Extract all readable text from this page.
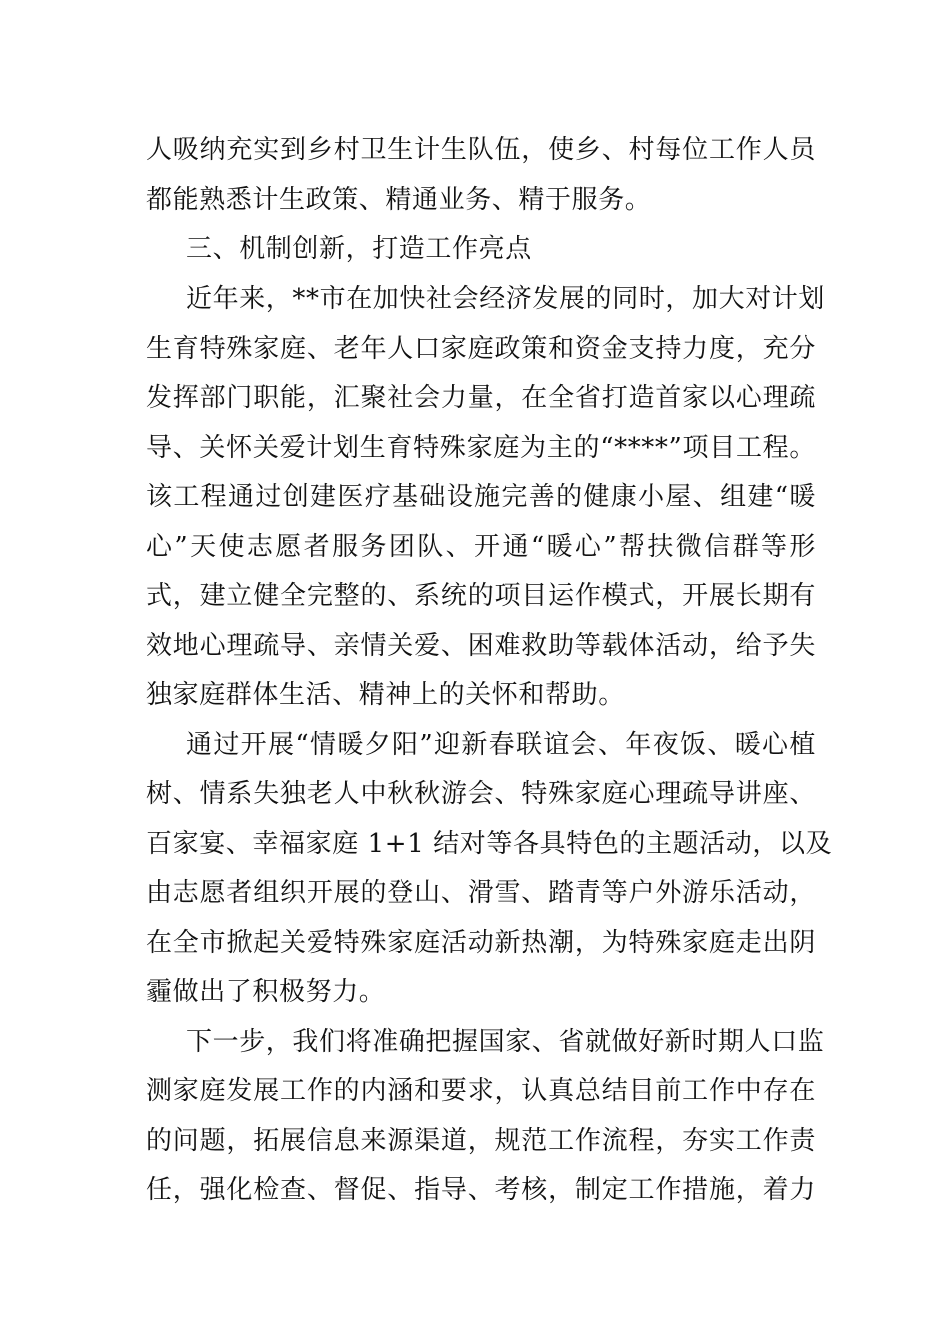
人吸纳充实到乡村卫生计生队伍，使乡、村每位工作人员
都能熟悉计生政策、精通业务、精于服务。
三、机制创新，打造工作亮点
近年来，**市在加快社会经济发展的同时，加大对计划
生育特殊家庭、老年人口家庭政策和资金支持力度，充分
发挥部门职能，汇聚社会力量，在全省打造首家以心理疏
导、关怀关爱计划生育特殊家庭为主的“****”项目工程。
该工程通过创建医疗基础设施完善的健康小屋、组建“暖
心”天使志愿者服务团队、开通“暖心”帮扶微信群等形
式，建立健全完整的、系统的项目运作模式，开展长期有
效地心理疏导、亲情关爱、困难救助等载体活动，给予失
独家庭群体生活、精神上的关怀和帮助。
通过开展“情暖夕阳”迎新春联谊会、年夜饭、暖心植
树、情系失独老人中秋秋游会、特殊家庭心理疏导讲座、
百家宴、幸福家庭 1+1 结对等各具特色的主题活动，以及
由志愿者组织开展的登山、滑雪、踏青等户外游乐活动，
在全市掀起关爱特殊家庭活动新热潮，为特殊家庭走出阴
霾做出了积极努力。
下一步，我们将准确把握国家、省就做好新时期人口监
测家庭发展工作的内涵和要求，认真总结目前工作中存在
的问题，拓展信息来源渠道，规范工作流程，夯实工作责
任，强化检查、督促、指导、考核，制定工作措施，着力
